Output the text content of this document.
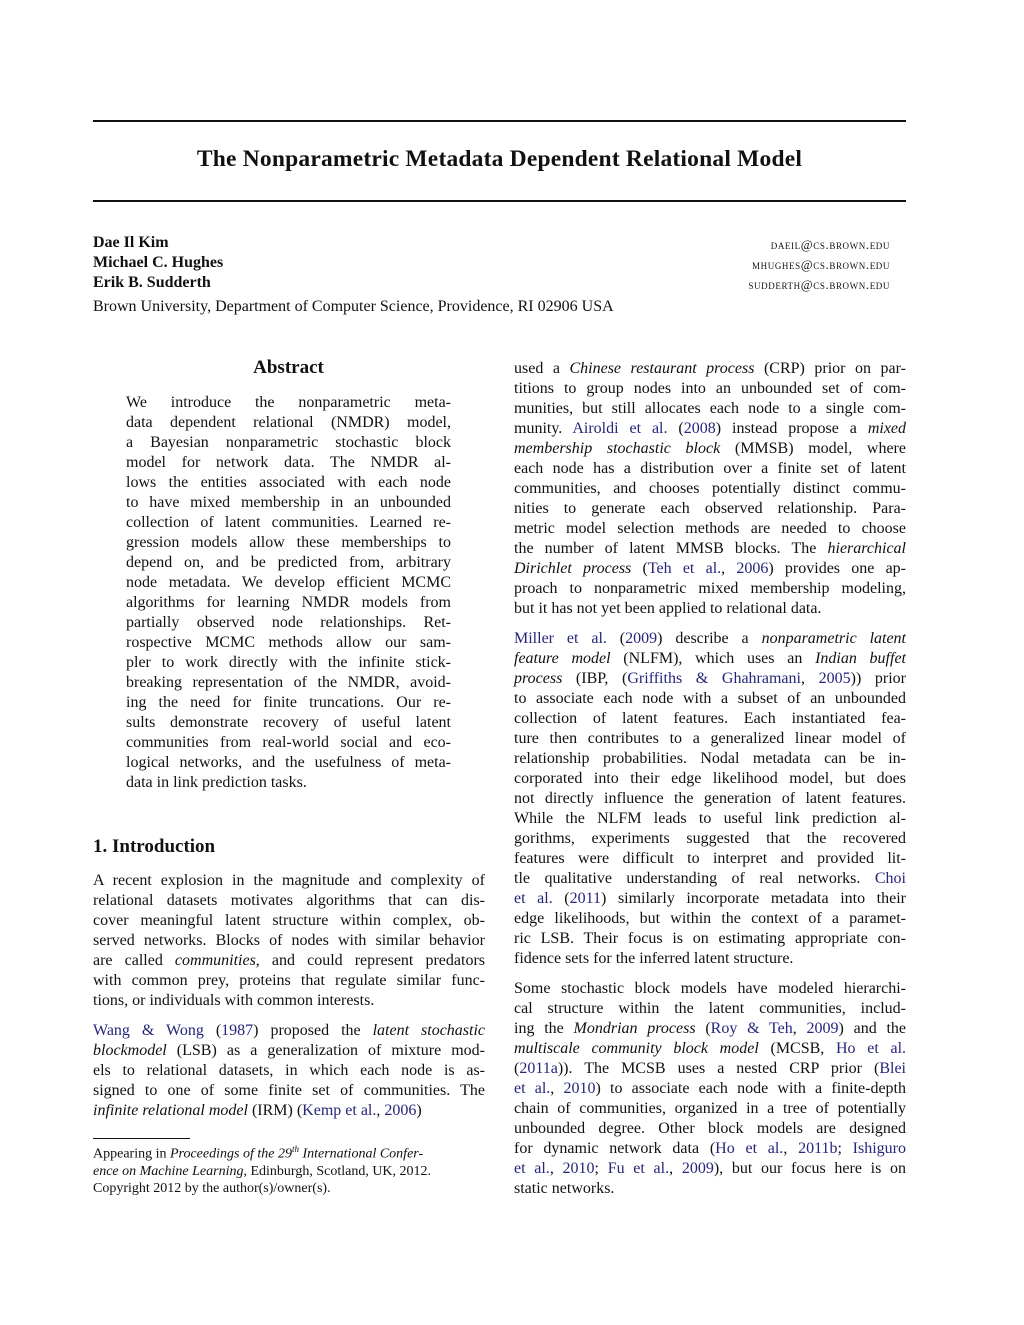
The Nonparametric Metadata Dependent Relational Model
Dae Il Kim	daeil@cs.brown.edu
Michael C. Hughes	mhughes@cs.brown.edu
Erik B. Sudderth	sudderth@cs.brown.edu
Brown University, Department of Computer Science, Providence, RI 02906 USA
Abstract
We introduce the nonparametric meta-
data dependent relational (NMDR) model,
a Bayesian nonparametric stochastic block
model for network data. The NMDR al-
lows the entities associated with each node
to have mixed membership in an unbounded
collection of latent communities. Learned re-
gression models allow these memberships to
depend on, and be predicted from, arbitrary
node metadata. We develop efficient MCMC
algorithms for learning NMDR models from
partially observed node relationships. Ret-
rospective MCMC methods allow our sam-
pler to work directly with the infinite stick-
breaking representation of the NMDR, avoid-
ing the need for finite truncations. Our re-
sults demonstrate recovery of useful latent
communities from real-world social and eco-
logical networks, and the usefulness of meta-
data in link prediction tasks.
1. Introduction
A recent explosion in the magnitude and complexity of
relational datasets motivates algorithms that can dis-
cover meaningful latent structure within complex, ob-
served networks. Blocks of nodes with similar behavior
are called communities, and could represent predators
with common prey, proteins that regulate similar func-
tions, or individuals with common interests.
Wang & Wong (1987) proposed the latent stochastic
blockmodel (LSB) as a generalization of mixture mod-
els to relational datasets, in which each node is as-
signed to one of some finite set of communities. The
infinite relational model (IRM) (Kemp et al., 2006)
used a Chinese restaurant process (CRP) prior on par-
titions to group nodes into an unbounded set of com-
munities, but still allocates each node to a single com-
munity. Airoldi et al. (2008) instead propose a mixed
membership stochastic block (MMSB) model, where
each node has a distribution over a finite set of latent
communities, and chooses potentially distinct commu-
nities to generate each observed relationship. Para-
metric model selection methods are needed to choose
the number of latent MMSB blocks. The hierarchical
Dirichlet process (Teh et al., 2006) provides one ap-
proach to nonparametric mixed membership modeling,
but it has not yet been applied to relational data.
Miller et al. (2009) describe a nonparametric latent
feature model (NLFM), which uses an Indian buffet
process (IBP, (Griffiths & Ghahramani, 2005)) prior
to associate each node with a subset of an unbounded
collection of latent features. Each instantiated fea-
ture then contributes to a generalized linear model of
relationship probabilities. Nodal metadata can be in-
corporated into their edge likelihood model, but does
not directly influence the generation of latent features.
While the NLFM leads to useful link prediction al-
gorithms, experiments suggested that the recovered
features were difficult to interpret and provided lit-
tle qualitative understanding of real networks. Choi
et al. (2011) similarly incorporate metadata into their
edge likelihoods, but within the context of a paramet-
ric LSB. Their focus is on estimating appropriate con-
fidence sets for the inferred latent structure.
Some stochastic block models have modeled hierarchi-
cal structure within the latent communities, includ-
ing the Mondrian process (Roy & Teh, 2009) and the
multiscale community block model (MCSB, Ho et al.
(2011a)). The MCSB uses a nested CRP prior (Blei
et al., 2010) to associate each node with a finite-depth
chain of communities, organized in a tree of potentially
unbounded degree. Other block models are designed
for dynamic network data (Ho et al., 2011b; Ishiguro
et al., 2010; Fu et al., 2009), but our focus here is on
static networks.
Appearing in Proceedings of the 29th International Confer-
ence on Machine Learning, Edinburgh, Scotland, UK, 2012.
Copyright 2012 by the author(s)/owner(s).
